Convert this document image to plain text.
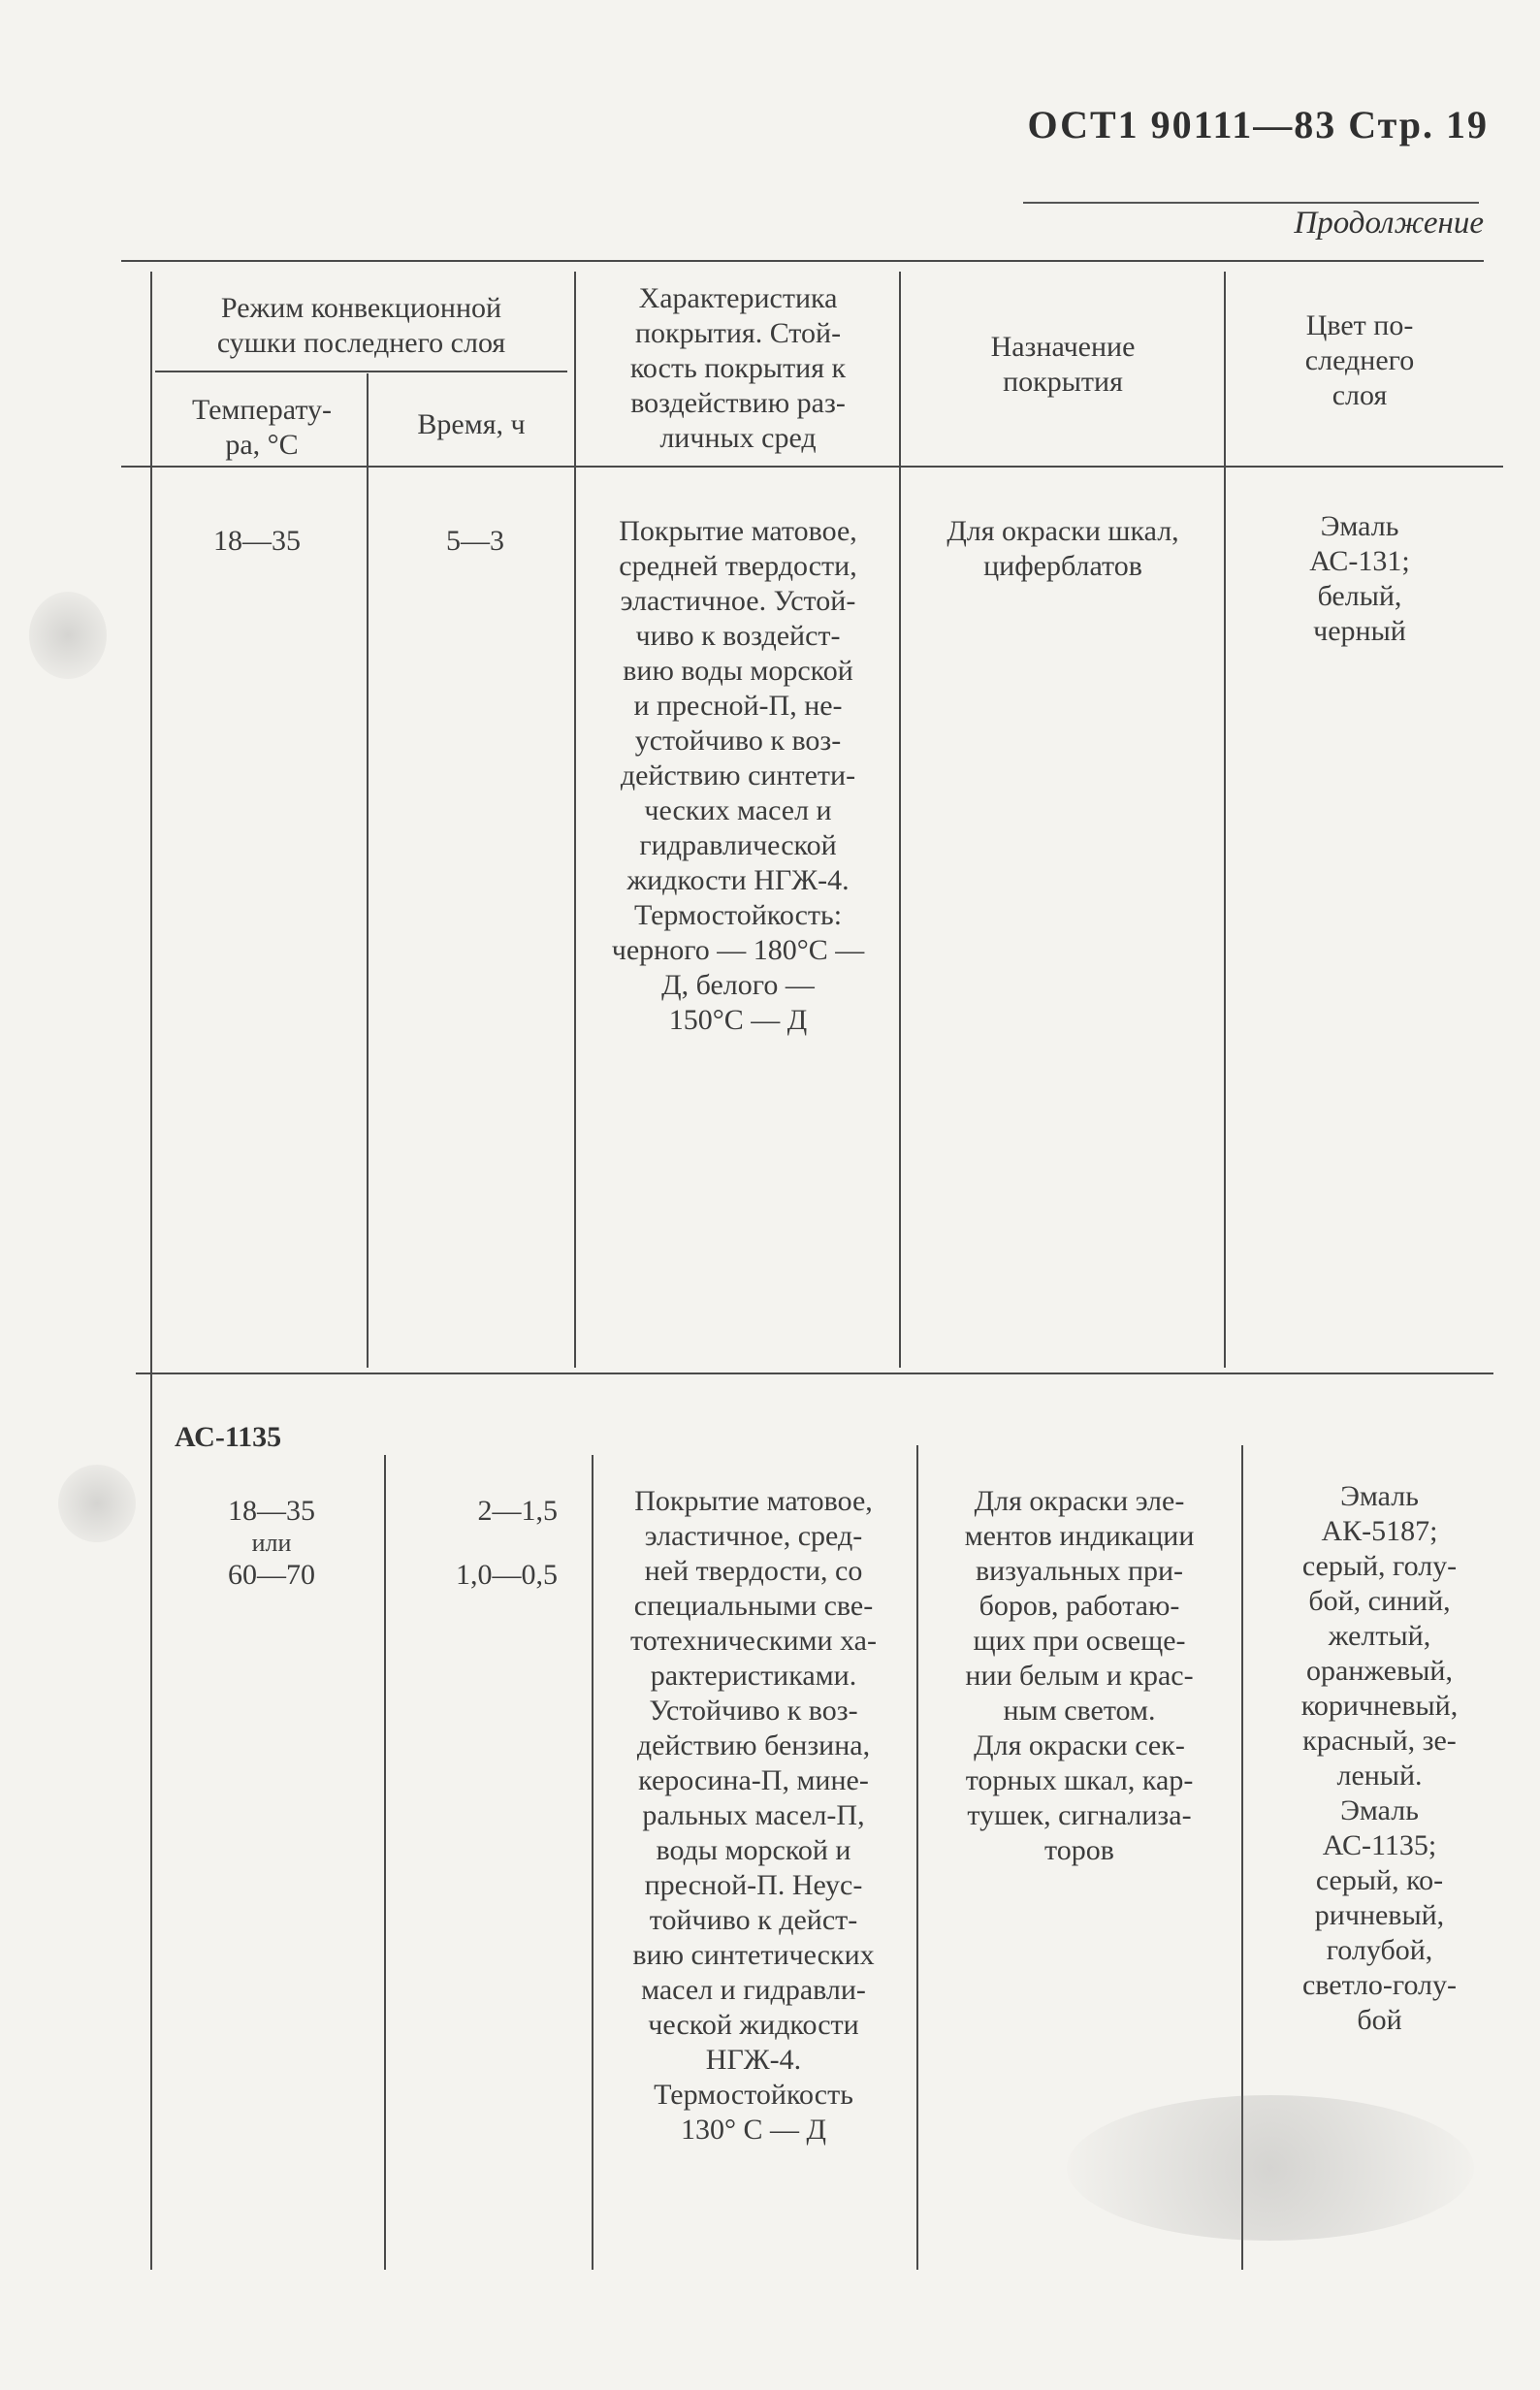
ОСТ1 90111—83 Стр. 19
Продолжение
Режим конвекционной
сушки последнего слоя
Температу-
ра, °С
Время, ч
Характеристика
покрытия. Стой-
кость покрытия к
воздействию раз-
личных сред
Назначение
покрытия
Цвет по-
следнего
слоя
18—35	5—3	Покрытие матовое,
средней твердости,
эластичное. Устой-
чиво к воздейст-
вию воды морской
и пресной-П, не-
устойчиво к воз-
действию синтети-
ческих масел и
гидравлической
жидкости НГЖ-4.
Термостойкость:
черного — 180°С —
Д, белого —
150°С — Д
Для окраски шкал,
циферблатов
Эмаль
АС-131;
белый,
черный
АС-1135
18—35
или
60—70
2—1,5
1,0—0,5
Покрытие матовое,
эластичное, сред-
ней твердости, со
специальными све-
тотехническими ха-
рактеристиками.
Устойчиво к воз-
действию бензина,
керосина-П, мине-
ральных масел-П,
воды морской и
пресной-П. Неус-
тойчиво к дейст-
вию синтетических
масел и гидравли-
ческой жидкости
НГЖ-4.
Термостойкость
130° С — Д
Для окраски эле-
ментов индикации
визуальных при-
боров, работаю-
щих при освеще-
нии белым и крас-
ным светом.
Для окраски сек-
торных шкал, кар-
тушек, сигнализа-
торов
Эмаль
АК-5187;
серый, голу-
бой, синий,
желтый,
оранжевый,
коричневый,
красный, зе-
леный.
Эмаль
АС-1135;
серый, ко-
ричневый,
голубой,
светло-голу-
бой
